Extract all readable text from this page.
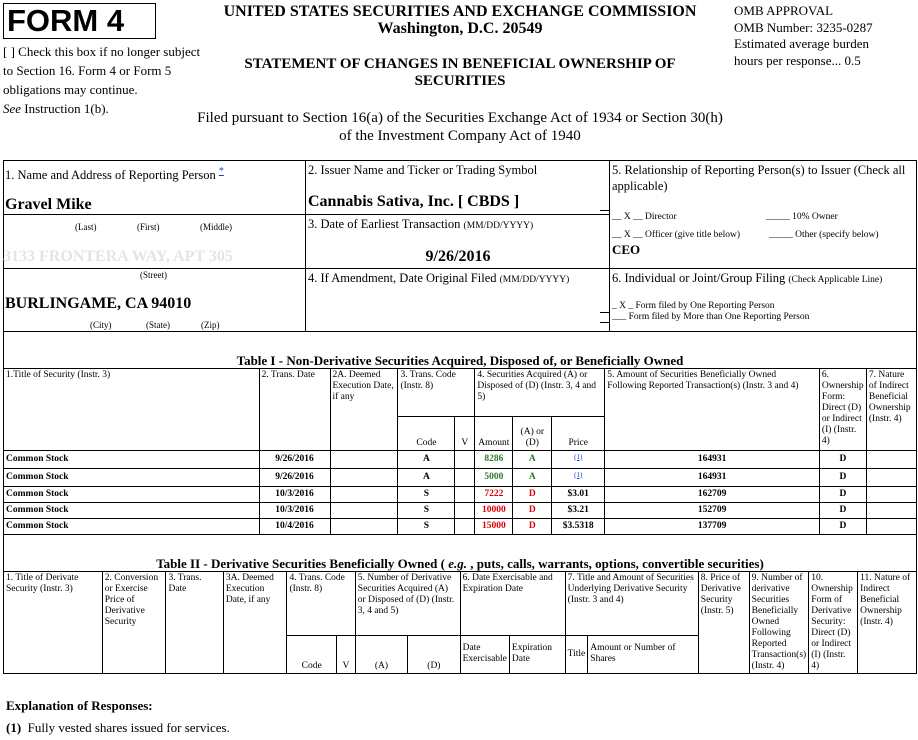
FORM 4
[ ] Check this box if no longer subject to Section 16. Form 4 or Form 5 obligations may continue.
See Instruction 1(b).
UNITED STATES SECURITIES AND EXCHANGE COMMISSION
Washington, D.C. 20549
STATEMENT OF CHANGES IN BENEFICIAL OWNERSHIP OF SECURITIES
Filed pursuant to Section 16(a) of the Securities Exchange Act of 1934 or Section 30(h) of the Investment Company Act of 1940
OMB APPROVAL
OMB Number: 3235-0287
Estimated average burden
hours per response... 0.5
1. Name and Address of Reporting Person *
Gravel Mike
(Last)	(First)	(Middle)
3133 FRONTERA WAY, APT 305
(Street)
BURLINGAME, CA 94010
(City)	(State)	(Zip)
2. Issuer Name and Ticker or Trading Symbol
Cannabis Sativa, Inc. [ CBDS ]
3. Date of Earliest Transaction (MM/DD/YYYY)
9/26/2016
4. If Amendment, Date Original Filed (MM/DD/YYYY)
5. Relationship of Reporting Person(s) to Issuer (Check all applicable)
__ X __ Director	_____ 10% Owner
__ X __ Officer (give title below)	_____ Other (specify below)
CEO
6. Individual or Joint/Group Filing (Check Applicable Line)
_ X _ Form filed by One Reporting Person
___ Form filed by More than One Reporting Person
Table I - Non-Derivative Securities Acquired, Disposed of, or Beneficially Owned										
1.Title of Security (Instr. 3)	2. Trans. Date	2A. Deemed Execution Date, if any	3. Trans. Code (Instr. 8)		4. Securities Acquired (A) or Disposed of (D) (Instr. 3, 4 and 5)			5. Amount of Securities Beneficially Owned Following Reported Transaction(s) (Instr. 3 and 4)	6. Ownership Form: Direct (D) or Indirect (I) (Instr. 4)	7. Nature of Indirect Beneficial Ownership (Instr. 4)
			Code	V	Amount	(A) or (D)	Price			
Common Stock	9/26/2016		A		8286	A	$^{(1)}$	164931	D	
Common Stock	9/26/2016		A		5000	A	$^{(1)}$	164931	D	
Common Stock	10/3/2016		S		7222	D	$3.01	162709	D	
Common Stock	10/3/2016		S		10000	D	$3.21	152709	D	
Common Stock	10/4/2016		S		15000	D	$3.5318	137709	D	

Table II - Derivative Securities Beneficially Owned ( e.g. , puts, calls, warrants, options, convertible securities)															
1. Title of Derivate Security (Instr. 3)	2. Conversion or Exercise Price of Derivative Security	3. Trans. Date	3A. Deemed Execution Date, if any	4. Trans. Code (Instr. 8)		5. Number of Derivative Securities Acquired (A) or Disposed of (D) (Instr. 3, 4 and 5)		6. Date Exercisable and Expiration Date		7. Title and Amount of Securities Underlying Derivative Security (Instr. 3 and 4)		8. Price of Derivative Security (Instr. 5)	9. Number of derivative Securities Beneficially Owned Following Reported Transaction(s) (Instr. 4)	10. Ownership Form of Derivative Security: Direct (D) or Indirect (I) (Instr. 4)	11. Nature of Indirect Beneficial Ownership (Instr. 4)
				Code	V	(A)	(D)	Date Exercisable	Expiration Date	Title	Amount or Number of Shares				
Explanation of Responses:
(1) Fully vested shares issued for services.
